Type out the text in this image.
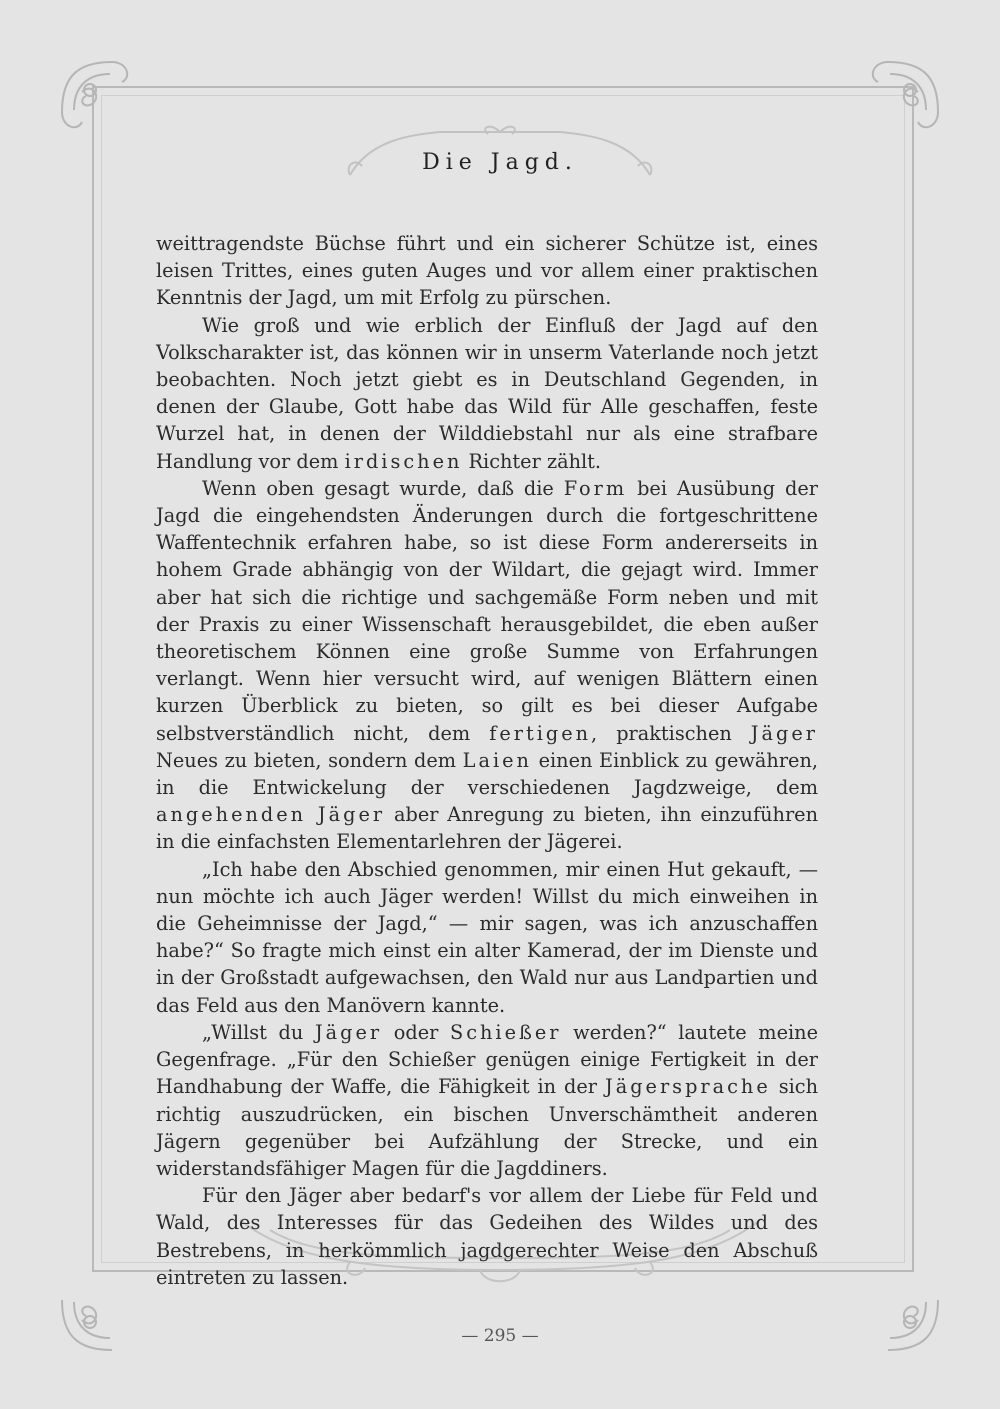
Die Jagd.

weittragendste Büchse führt und ein sicherer Schütze ist, eines leisen Trittes, eines guten Auges und vor allem einer praktischen Kenntnis der Jagd, um mit Erfolg zu pürschen.

Wie groß und wie erblich der Einfluß der Jagd auf den Volkscharakter ist, das können wir in unserm Vaterlande noch jetzt beobachten. Noch jetzt giebt es in Deutschland Gegenden, in denen der Glaube, Gott habe das Wild für Alle geschaffen, feste Wurzel hat, in denen der Wilddiebstahl nur als eine strafbare Handlung vor dem irdischen Richter zählt.

Wenn oben gesagt wurde, daß die Form bei Ausübung der Jagd die eingehendsten Änderungen durch die fortgeschrittene Waffentechnik erfahren habe, so ist diese Form andererseits in hohem Grade abhängig von der Wildart, die gejagt wird. Immer aber hat sich die richtige und sachgemäße Form neben und mit der Praxis zu einer Wissenschaft herausgebildet, die eben außer theoretischem Können eine große Summe von Erfahrungen verlangt. Wenn hier versucht wird, auf wenigen Blättern einen kurzen Überblick zu bieten, so gilt es bei dieser Aufgabe selbstverständlich nicht, dem fertigen, praktischen Jäger Neues zu bieten, sondern dem Laien einen Einblick zu gewähren, in die Entwickelung der verschiedenen Jagdzweige, dem angehenden Jäger aber Anregung zu bieten, ihn einzuführen in die einfachsten Elementarlehren der Jägerei.

„Ich habe den Abschied genommen, mir einen Hut gekauft, — nun möchte ich auch Jäger werden! Willst du mich einweihen in die Geheimnisse der Jagd,“ — mir sagen, was ich anzuschaffen habe?“ So fragte mich einst ein alter Kamerad, der im Dienste und in der Großstadt aufgewachsen, den Wald nur aus Landpartien und das Feld aus den Manövern kannte.

„Willst du Jäger oder Schießer werden?“ lautete meine Gegenfrage. „Für den Schießer genügen einige Fertigkeit in der Handhabung der Waffe, die Fähigkeit in der Jägersprache sich richtig auszudrücken, ein bischen Unverschämtheit anderen Jägern gegenüber bei Aufzählung der Strecke, und ein widerstandsfähiger Magen für die Jagddiners.

Für den Jäger aber bedarf's vor allem der Liebe für Feld und Wald, des Interesses für das Gedeihen des Wildes und des Bestrebens, in herkömmlich jagdgerechter Weise den Abschuß eintreten zu lassen.

— 295 —
